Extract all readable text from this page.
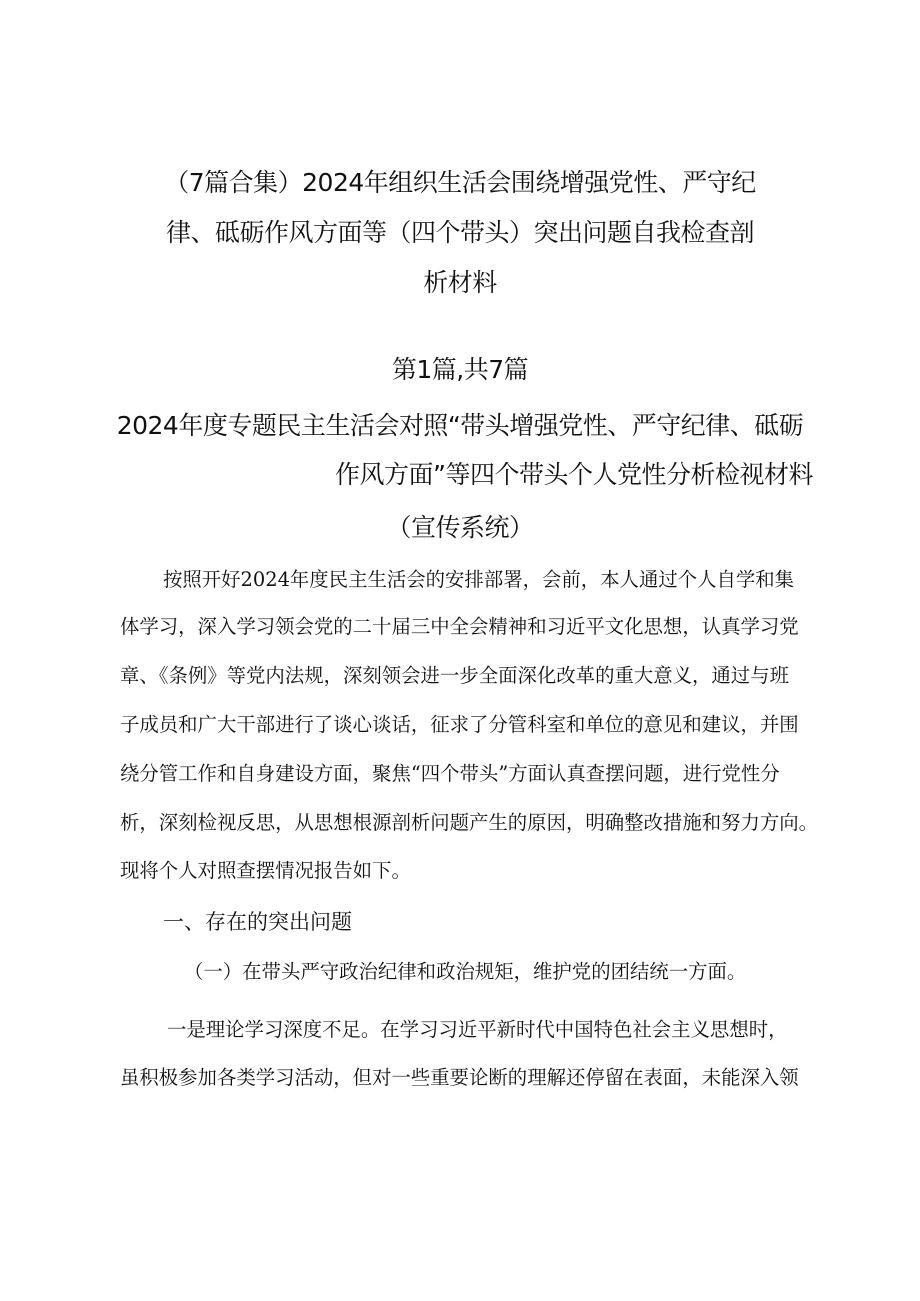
（7篇合集）2024年组织生活会围绕增强党性、严守纪
律、砥砺作风方面等（四个带头）突出问题自我检查剖
析材料
第1篇,共7篇
2024年度专题民主生活会对照“带头增强党性、严守纪律、砥砺
作风方面”等四个带头个人党性分析检视材料
（宣传系统）
按照开好2024年度民主生活会的安排部署，会前，本人通过个人自学和集
体学习，深入学习领会党的二十届三中全会精神和习近平文化思想，认真学习党
章、《条例》等党内法规，深刻领会进一步全面深化改革的重大意义，通过与班
子成员和广大干部进行了谈心谈话，征求了分管科室和单位的意见和建议，并围
绕分管工作和自身建设方面，聚焦“四个带头”方面认真查摆问题，进行党性分
析，深刻检视反思，从思想根源剖析问题产生的原因，明确整改措施和努力方向。
现将个人对照查摆情况报告如下。
一、存在的突出问题
（一）在带头严守政治纪律和政治规矩，维护党的团结统一方面。
一是理论学习深度不足。在学习习近平新时代中国特色社会主义思想时，
虽积极参加各类学习活动，但对一些重要论断的理解还停留在表面，未能深入领
